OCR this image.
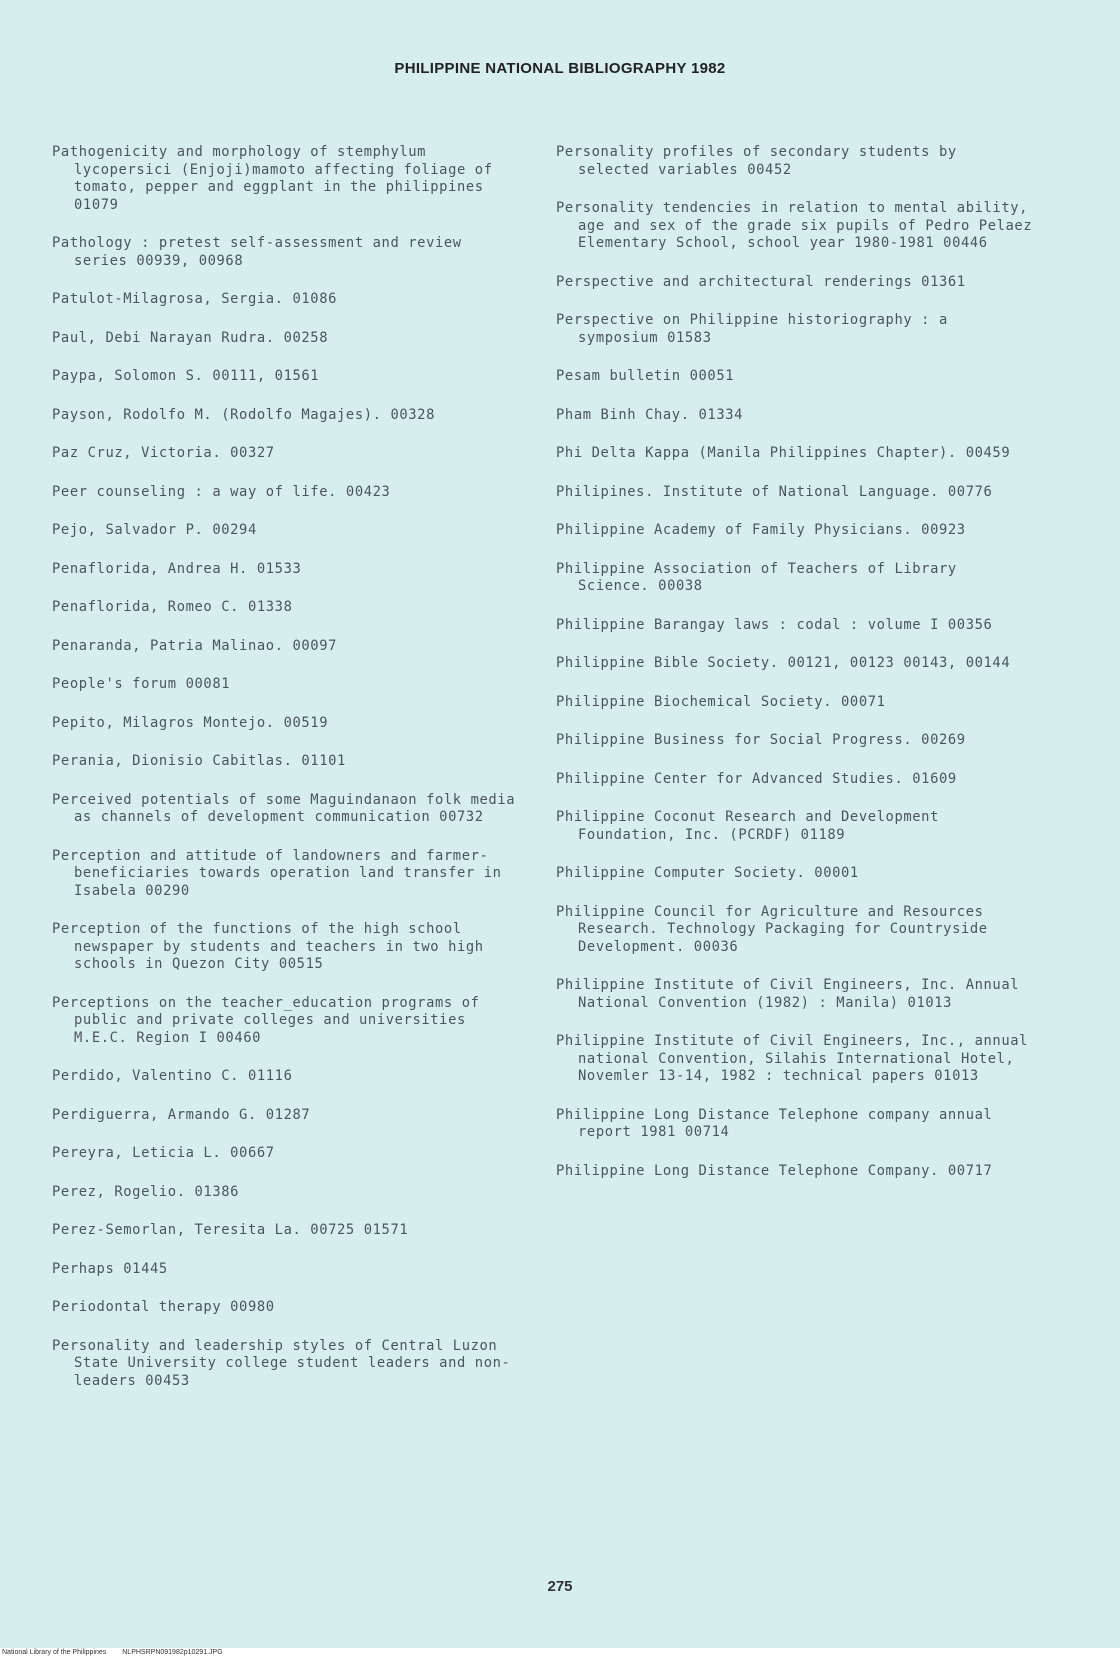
PHILIPPINE NATIONAL BIBLIOGRAPHY 1982
Pathogenicity and morphology of stemphylum lycopersici (Enjoji)mamoto affecting foliage of tomato, pepper and eggplant in the philippines 01079
Pathology : pretest self-assessment and review series 00939, 00968
Patulot-Milagrosa, Sergia. 01086
Paul, Debi Narayan Rudra. 00258
Paypa, Solomon S. 00111, 01561
Payson, Rodolfo M. (Rodolfo Magajes). 00328
Paz Cruz, Victoria. 00327
Peer counseling : a way of life. 00423
Pejo, Salvador P. 00294
Penaflorida, Andrea H. 01533
Penaflorida, Romeo C. 01338
Penaranda, Patria Malinao. 00097
People's forum 00081
Pepito, Milagros Montejo. 00519
Perania, Dionisio Cabitlas. 01101
Perceived potentials of some Maguindanaon folk media as channels of development communication 00732
Perception and attitude of landowners and farmer-beneficiaries towards operation land transfer in Isabela 00290
Perception of the functions of the high school newspaper by students and teachers in two high schools in Quezon City 00515
Perceptions on the teacher_education programs of public and private colleges and universities M.E.C. Region I 00460
Perdido, Valentino C. 01116
Perdiguerra, Armando G. 01287
Pereyra, Leticia L. 00667
Perez, Rogelio. 01386
Perez-Semorlan, Teresita La. 00725 01571
Perhaps 01445
Periodontal therapy 00980
Personality and leadership styles of Central Luzon State University college student leaders and non-leaders 00453
Personality profiles of secondary students by selected variables 00452
Personality tendencies in relation to mental ability, age and sex of the grade six pupils of Pedro Pelaez Elementary School, school year 1980-1981 00446
Perspective and architectural renderings 01361
Perspective on Philippine historiography : a symposium 01583
Pesam bulletin 00051
Pham Binh Chay. 01334
Phi Delta Kappa (Manila Philippines Chapter). 00459
Philipines. Institute of National Language. 00776
Philippine Academy of Family Physicians. 00923
Philippine Association of Teachers of Library Science. 00038
Philippine Barangay laws : codal : volume I 00356
Philippine Bible Society. 00121, 00123 00143, 00144
Philippine Biochemical Society. 00071
Philippine Business for Social Progress. 00269
Philippine Center for Advanced Studies. 01609
Philippine Coconut Research and Development Foundation, Inc. (PCRDF) 01189
Philippine Computer Society. 00001
Philippine Council for Agriculture and Resources Research. Technology Packaging for Countryside Development. 00036
Philippine Institute of Civil Engineers, Inc. Annual National Convention (1982) : Manila) 01013
Philippine Institute of Civil Engineers, Inc., annual national Convention, Silahis International Hotel, Novemler 13-14, 1982 : technical papers 01013
Philippine Long Distance Telephone company annual report 1981 00714
Philippine Long Distance Telephone Company. 00717
275
National Library of the Philippines NLPHSRPN091982p10291.JPG
